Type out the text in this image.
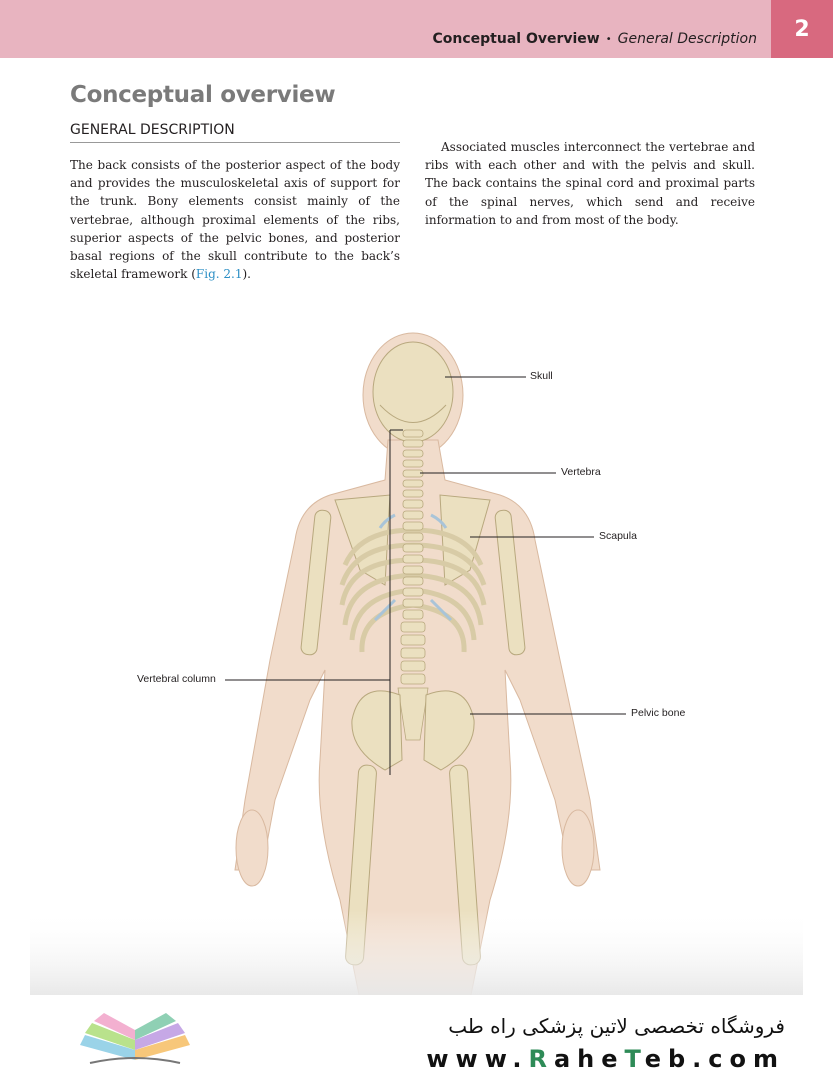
Conceptual Overview • General Description	2
Conceptual overview
GENERAL DESCRIPTION
The back consists of the posterior aspect of the body and provides the musculoskeletal axis of support for the trunk. Bony elements consist mainly of the vertebrae, although proximal elements of the ribs, superior aspects of the pelvic bones, and posterior basal regions of the skull contribute to the back’s skeletal framework (Fig. 2.1).
Associated muscles interconnect the vertebrae and ribs with each other and with the pelvis and skull. The back contains the spinal cord and proximal parts of the spinal nerves, which send and receive information to and from most of the body.
Skull
Vertebra
Scapula
Vertebral column
Pelvic bone
فروشگاه تخصصی لاتین پزشکی راه طب
www.RaheTeb.com
